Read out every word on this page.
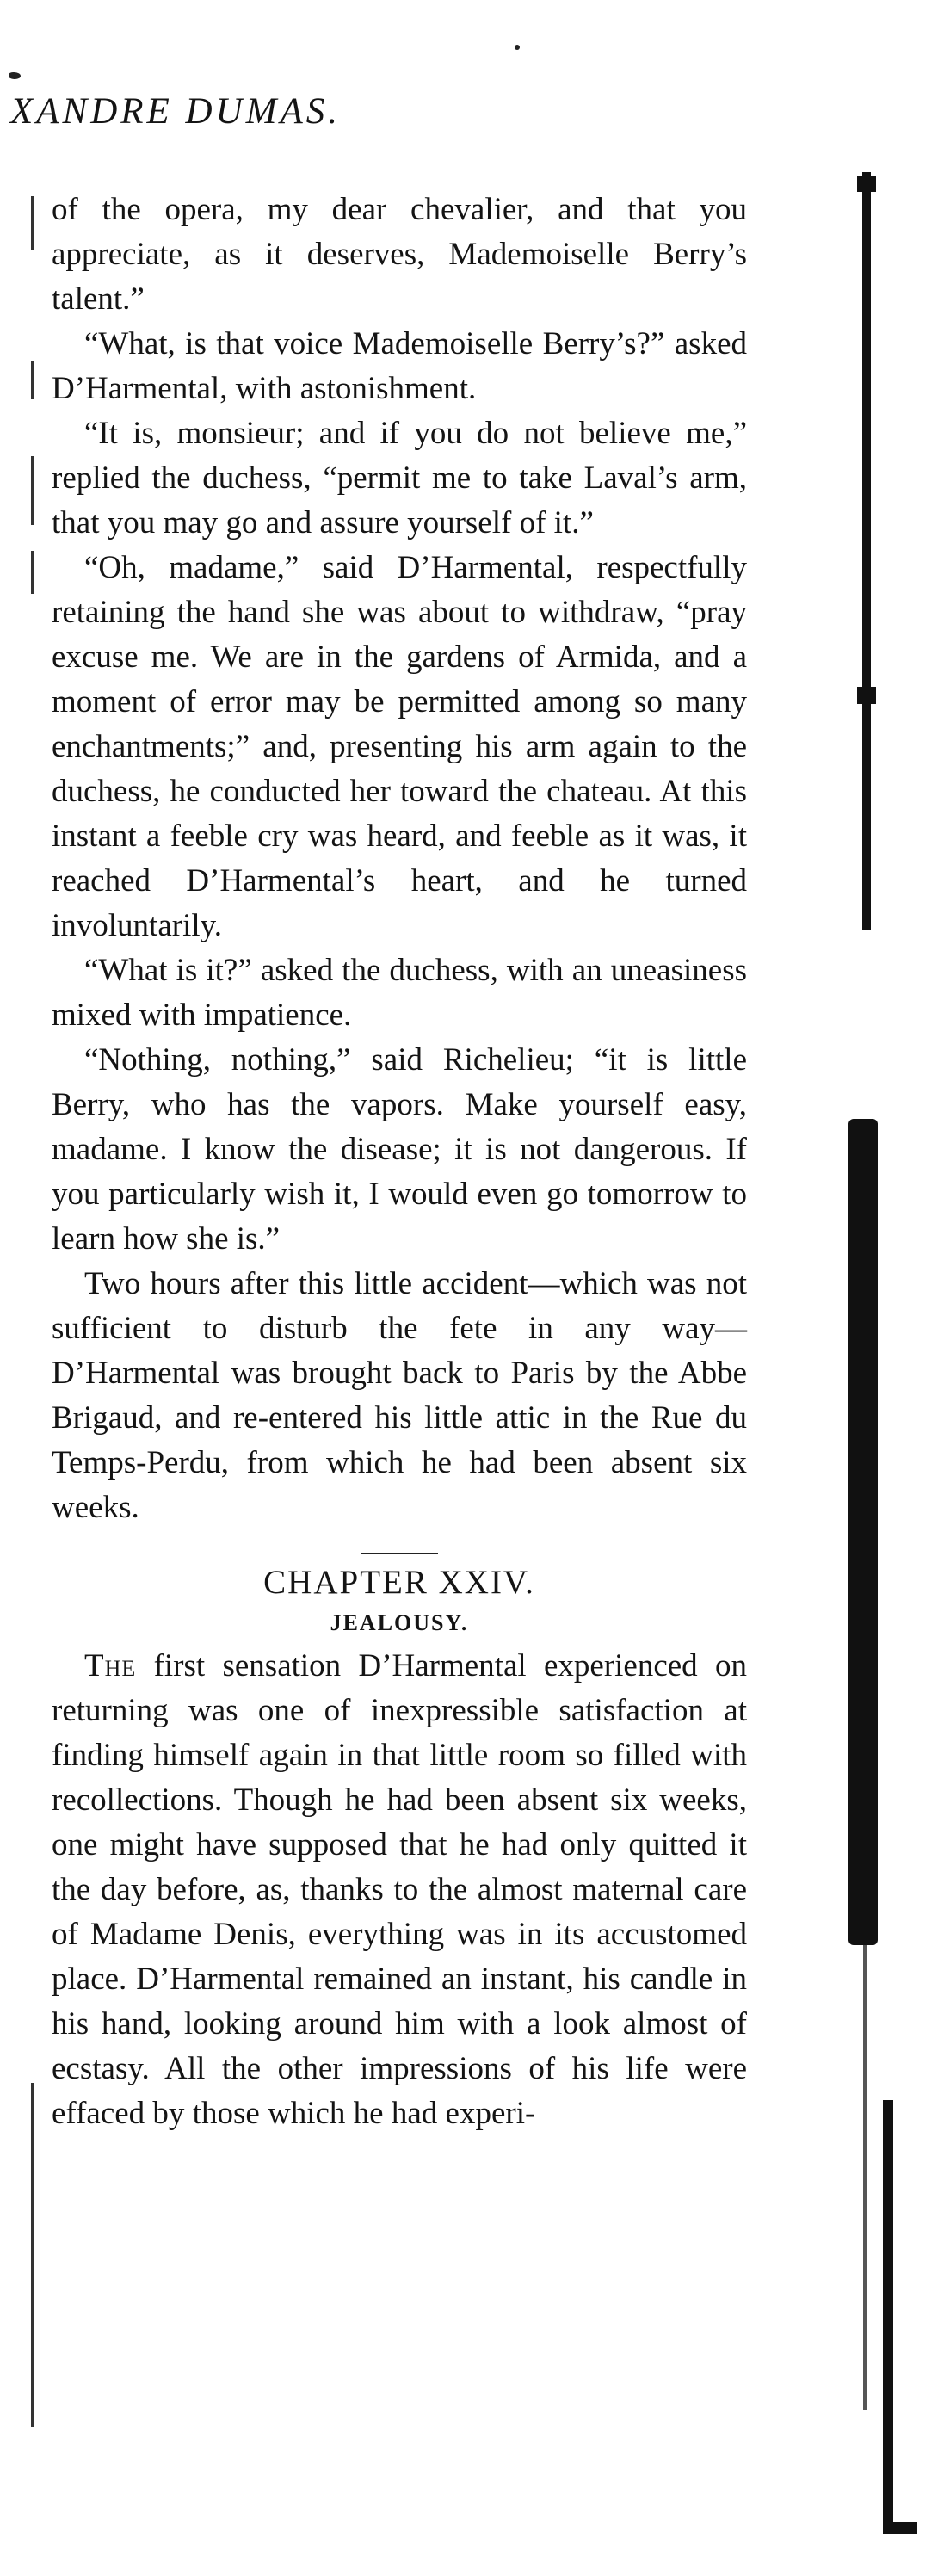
XANDRE DUMAS.

of the opera, my dear chevalier, and that you appreciate, as it deserves, Mademoiselle Berry’s talent.”

“What, is that voice Mademoiselle Berry’s?” asked D’Harmental, with astonishment.

“It is, monsieur; and if you do not believe me,” replied the duchess, “permit me to take Laval’s arm, that you may go and assure yourself of it.”

“Oh, madame,” said D’Harmental, respectfully retaining the hand she was about to withdraw, “pray excuse me. We are in the gardens of Armida, and a moment of error may be permitted among so many enchantments;” and, presenting his arm again to the duchess, he conducted her toward the chateau. At this instant a feeble cry was heard, and feeble as it was, it reached D’Harmental’s heart, and he turned involuntarily.

“What is it?” asked the duchess, with an uneasiness mixed with impatience.

“Nothing, nothing,” said Richelieu; “it is little Berry, who has the vapors. Make yourself easy, madame. I know the disease; it is not dangerous. If you particularly wish it, I would even go tomorrow to learn how she is.”

Two hours after this little accident—which was not sufficient to disturb the fete in any way—D’Harmental was brought back to Paris by the Abbe Brigaud, and re-entered his little attic in the Rue du Temps-Perdu, from which he had been absent six weeks.

CHAPTER XXIV.
JEALOUSY.

The first sensation D’Harmental experienced on returning was one of inexpressible satisfaction at finding himself again in that little room so filled with recollections. Though he had been absent six weeks, one might have supposed that he had only quitted it the day before, as, thanks to the almost maternal care of Madame Denis, everything was in its accustomed place. D’Harmental remained an instant, his candle in his hand, looking around him with a look almost of ecstasy. All the other impressions of his life were effaced by those which he had experi-
